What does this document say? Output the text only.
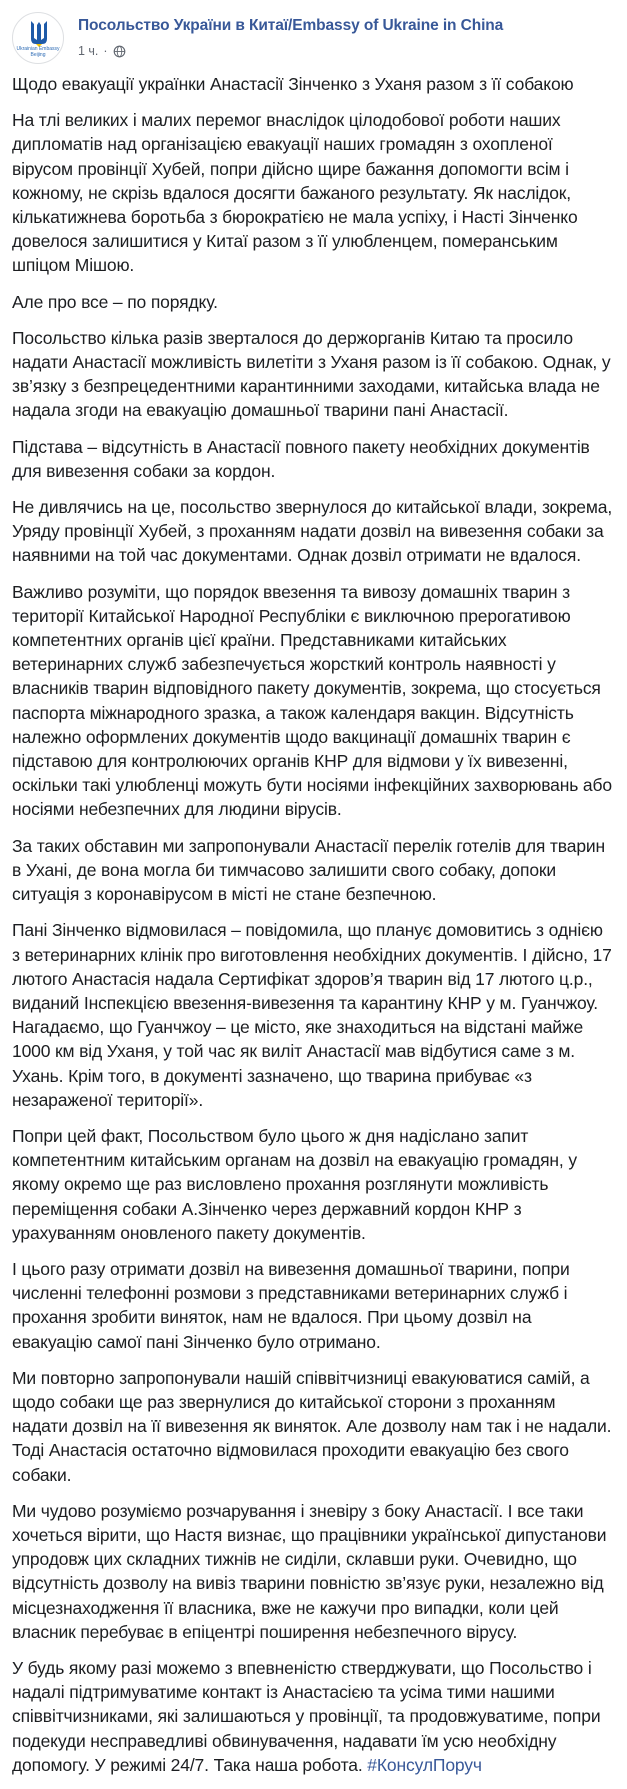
Ukrainian Embassy Beijing
Посольство України в Китаї/Embassy of Ukraine in China
1 ч. ·

Щодо евакуації українки Анастасії Зінченко з Уханя разом з її собакою

На тлі великих і малих перемог внаслідок цілодобової роботи наших дипломатів над організацією евакуації наших громадян з охопленої вірусом провінції Хубей, попри дійсно щире бажання допомогти всім і кожному, не скрізь вдалося досягти бажаного результату. Як наслідок, кількатижнева боротьба з бюрократією не мала успіху, і Насті Зінченко довелося залишитися у Китаї разом з її улюбленцем, померанським шпіцом Мішою.

Але про все – по порядку.

Посольство кілька разів зверталося до держорганів Китаю та просило надати Анастасії можливість вилетіти з Уханя разом із її собакою. Однак, у зв’язку з безпрецедентними карантинними заходами, китайська влада не надала згоди на евакуацію домашньої тварини пані Анастасії.

Підстава – відсутність в Анастасії повного пакету необхідних документів для вивезення собаки за кордон.

Не дивлячись на це, посольство звернулося до китайської влади, зокрема, Уряду провінції Хубей, з проханням надати дозвіл на вивезення собаки за наявними на той час документами. Однак дозвіл отримати не вдалося.

Важливо розуміти, що порядок ввезення та вивозу домашніх тварин з території Китайської Народної Республіки є виключною прерогативою компетентних органів цієї країни. Представниками китайських ветеринарних служб забезпечується жорсткий контроль наявності у власників тварин відповідного пакету документів, зокрема, що стосується паспорта міжнародного зразка, а також календаря вакцин. Відсутність належно оформлених документів щодо вакцинації домашніх тварин є підставою для контролюючих органів КНР для відмови у їх вивезенні, оскільки такі улюбленці можуть бути носіями інфекційних захворювань або носіями небезпечних для людини вірусів.

За таких обставин ми запропонували Анастасії перелік готелів для тварин в Ухані, де вона могла би тимчасово залишити свого собаку, допоки ситуація з коронавірусом в місті не стане безпечною.

Пані Зінченко відмовилася – повідомила, що планує домовитись з однією з ветеринарних клінік про виготовлення необхідних документів. І дійсно, 17 лютого Анастасія надала Сертифікат здоров’я тварин від 17 лютого ц.р., виданий Інспекцією ввезення-вивезення та карантину КНР у м. Гуанчжоу. Нагадаємо, що Гуанчжоу – це місто, яке знаходиться на відстані майже 1000 км від Уханя, у той час як виліт Анастасії мав відбутися саме з м. Ухань. Крім того, в документі зазначено, що тварина прибуває «з незараженої території».

Попри цей факт, Посольством було цього ж дня надіслано запит компетентним китайським органам на дозвіл на евакуацію громадян, у якому окремо ще раз висловлено прохання розглянути можливість переміщення собаки А.Зінченко через державний кордон КНР з урахуванням оновленого пакету документів.

І цього разу отримати дозвіл на вивезення домашньої тварини, попри численні телефонні розмови з представниками ветеринарних служб і прохання зробити виняток, нам не вдалося. При цьому дозвіл на евакуацію самої пані Зінченко було отримано.

Ми повторно запропонували нашій співвітчизниці евакуюватися самій, а щодо собаки ще раз звернулися до китайської сторони з проханням надати дозвіл на її вивезення як виняток. Але дозволу нам так і не надали. Тоді Анастасія остаточно відмовилася проходити евакуацію без свого собаки.

Ми чудово розуміємо розчарування і зневіру з боку Анастасії. І все таки хочеться вірити, що Настя визнає, що працівники української дипустанови упродовж цих складних тижнів не сиділи, склавши руки. Очевидно, що відсутність дозволу на вивіз тварини повністю зв’язує руки, незалежно від місцезнаходження її власника, вже не кажучи про випадки, коли цей власник перебуває в епіцентрі поширення небезпечного вірусу.

У будь якому разі можемо з впевненістю стверджувати, що Посольство і надалі підтримуватиме контакт із Анастасією та усіма тими нашими співвітчизниками, які залишаються у провінції, та продовжуватиме, попри подекуди несправедливі обвинувачення, надавати їм усю необхідну допомогу. У режимі 24/7. Така наша робота. #КонсулПоруч
